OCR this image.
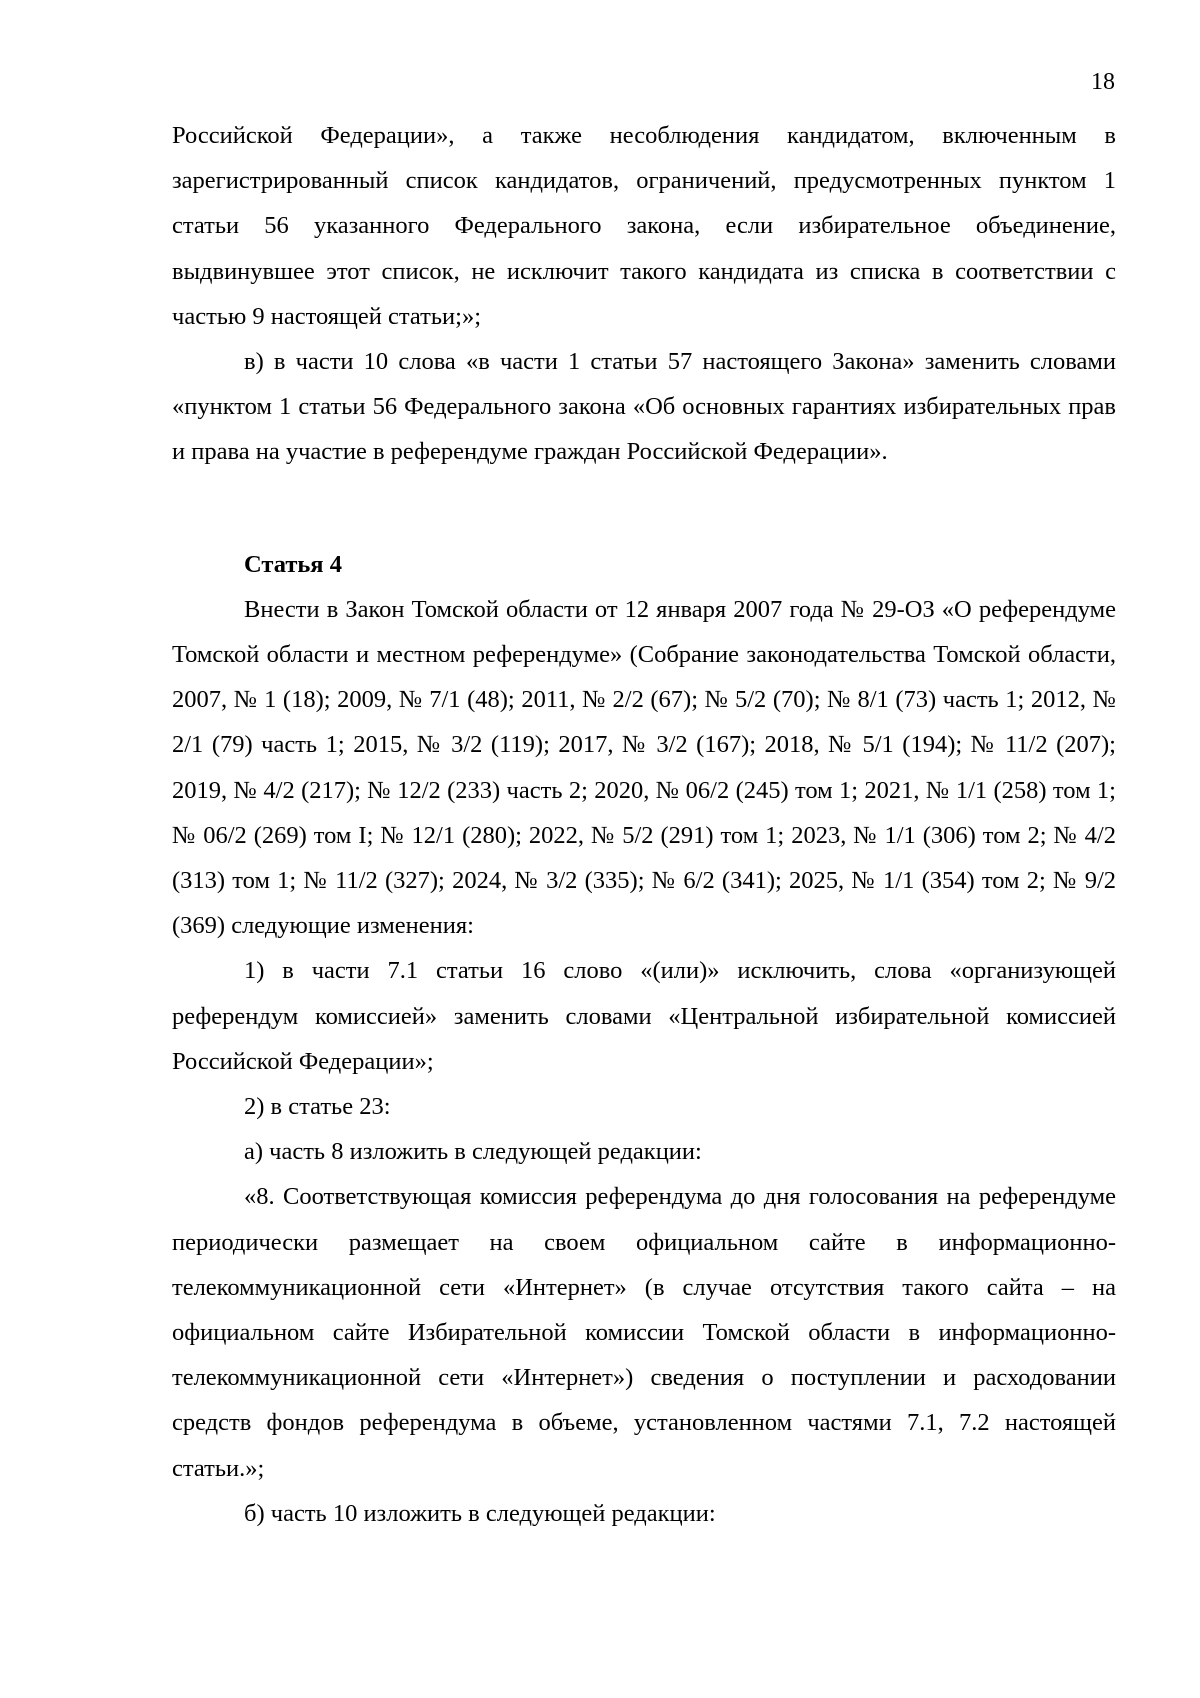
18

Российской Федерации», а также несоблюдения кандидатом, включенным в зарегистрированный список кандидатов, ограничений, предусмотренных пунктом 1 статьи 56 указанного Федерального закона, если избирательное объединение, выдвинувшее этот список, не исключит такого кандидата из списка в соответствии с частью 9 настоящей статьи;»;

в) в части 10 слова «в части 1 статьи 57 настоящего Закона» заменить словами «пунктом 1 статьи 56 Федерального закона «Об основных гарантиях избирательных прав и права на участие в референдуме граждан Российской Федерации».

Статья 4

Внести в Закон Томской области от 12 января 2007 года № 29-ОЗ «О референдуме Томской области и местном референдуме» (Собрание законодательства Томской области, 2007, № 1 (18); 2009, № 7/1 (48); 2011, № 2/2 (67); № 5/2 (70); № 8/1 (73) часть 1; 2012, № 2/1 (79) часть 1; 2015, № 3/2 (119); 2017, № 3/2 (167); 2018, № 5/1 (194); № 11/2 (207); 2019, № 4/2 (217); № 12/2 (233) часть 2; 2020, № 06/2 (245) том 1; 2021, № 1/1 (258) том 1; № 06/2 (269) том I; № 12/1 (280); 2022, № 5/2 (291) том 1; 2023, № 1/1 (306) том 2; № 4/2 (313) том 1; № 11/2 (327); 2024, № 3/2 (335); № 6/2 (341); 2025, № 1/1 (354) том 2; № 9/2 (369) следующие изменения:

1) в части 7.1 статьи 16 слово «(или)» исключить, слова «организующей референдум комиссией» заменить словами «Центральной избирательной комиссией Российской Федерации»;

2) в статье 23:

а) часть 8 изложить в следующей редакции:

«8. Соответствующая комиссия референдума до дня голосования на референдуме периодически размещает на своем официальном сайте в информационно-телекоммуникационной сети «Интернет» (в случае отсутствия такого сайта – на официальном сайте Избирательной комиссии Томской области в информационно-телекоммуникационной сети «Интернет») сведения о поступлении и расходовании средств фондов референдума в объеме, установленном частями 7.1, 7.2 настоящей статьи.»;

б) часть 10 изложить в следующей редакции:
